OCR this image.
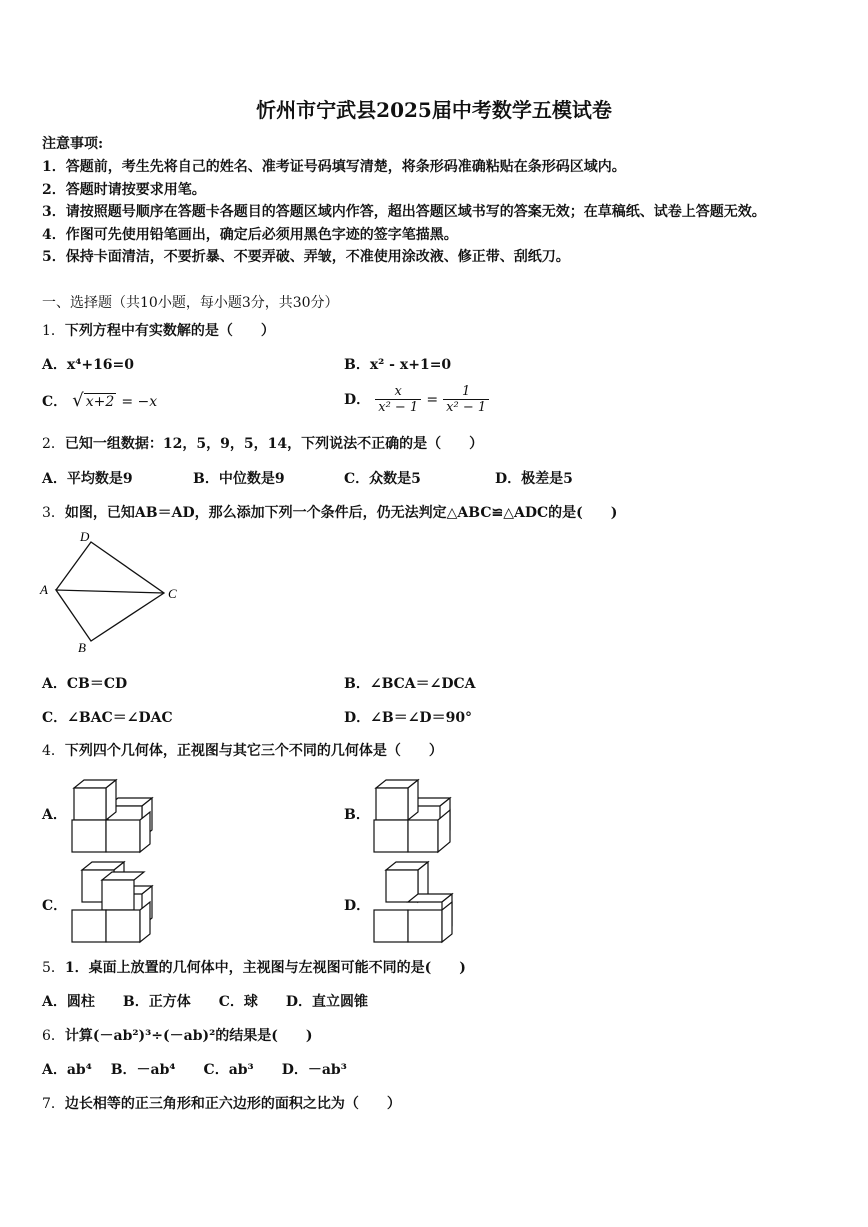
忻州市宁武县2025届中考数学五模试卷
注意事项:
1．答题前，考生先将自己的姓名、准考证号码填写清楚，将条形码准确粘贴在条形码区域内。
2．答题时请按要求用笔。
3．请按照题号顺序在答题卡各题目的答题区域内作答，超出答题区域书写的答案无效；在草稿纸、试卷上答题无效。
4．作图可先使用铅笔画出，确定后必须用黑色字迹的签字笔描黑。
5．保持卡面清洁，不要折暴、不要弄破、弄皱，不准使用涂改液、修正带、刮纸刀。
一、选择题（共10小题，每小题3分，共30分）
1．下列方程中有实数解的是（　　）
A．x⁴+16=0	B．x² - x+1=0
C． √ x+2 = −x	D． $\frac{x}{\text{x² − 1}} = \frac{1}{\text{x² − 1}}$
2．已知一组数据：12，5，9，5，14，下列说法不正确的是（　　）
A．平均数是9	B．中位数是9	C．众数是5	D．极差是5
3．如图，已知AB＝AD，那么添加下列一个条件后，仍无法判定△ABC≌△ADC的是(　　)
D
A	C
B
A．CB＝CD	B．∠BCA＝∠DCA
C．∠BAC＝∠DAC	D．∠B＝∠D＝90°
4．下列四个几何体，正视图与其它三个不同的几何体是（　　）
A．	B．
C．	D．
5．1．桌面上放置的几何体中，主视图与左视图可能不同的是(　　)
A．圆柱　　B．正方体　　C．球　　D．直立圆锥
6．计算(－ab²)³÷(－ab)²的结果是(　　)
A．ab⁴　 B．－ab⁴　　C．ab³　　D．－ab³
7．边长相等的正三角形和正六边形的面积之比为（　　）
